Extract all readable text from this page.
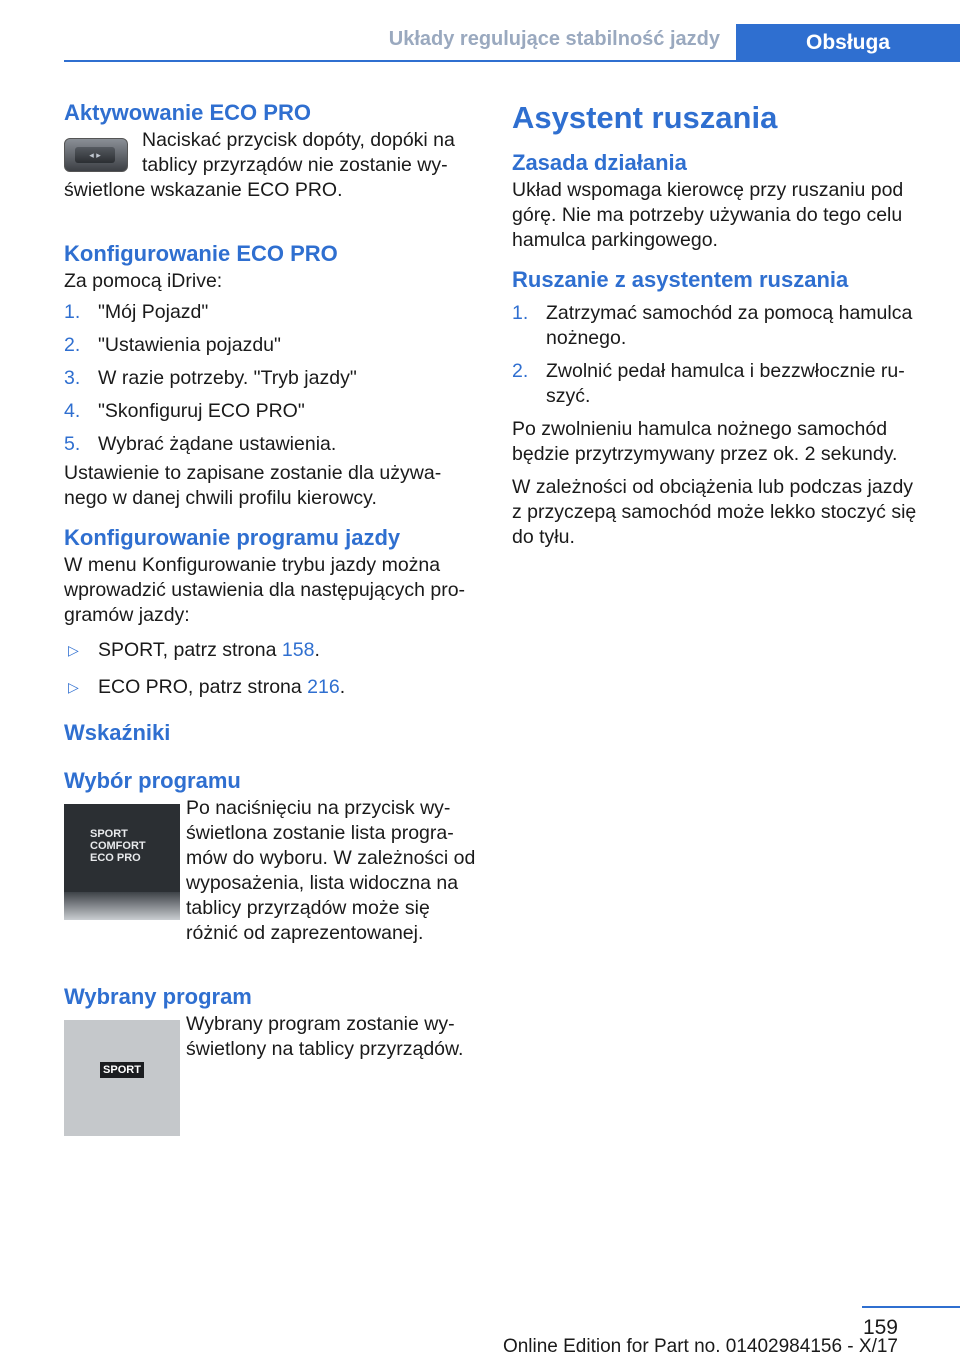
Układy regulujące stabilność jazdy	Obsługa
Aktywowanie ECO PRO
◂ ▸

Naciskać przycisk dopóty, dopóki na tablicy przyrządów nie zostanie wy‐świetlone wskazanie ECO PRO.

Konfigurowanie ECO PRO

Za pomocą iDrive:

1. "Mój Pojazd"
2. "Ustawienia pojazdu"
3. W razie potrzeby. "Tryb jazdy"
4. "Skonfiguruj ECO PRO"
5. Wybrać żądane ustawienia.

Ustawienie to zapisane zostanie dla używa‐nego w danej chwili profilu kierowcy.

Konfigurowanie programu jazdy

W menu Konfigurowanie trybu jazdy można wprowadzić ustawienia dla następujących pro‐gramów jazdy:

▷ SPORT, patrz strona 158.
▷ ECO PRO, patrz strona 216.
Wskaźniki
Wybór programu
SPORT
COMFORT
ECO PRO

Po naciśnięciu na przycisk wy‐świetlona zostanie lista progra‐mów do wyboru. W zależności od wyposażenia, lista widoczna na tablicy przyrządów może się różnić od zaprezentowanej.

Wybrany program
SPORT

Wybrany program zostanie wy‐świetlony na tablicy przyrządów.

Asystent ruszania
Zasada działania

Układ wspomaga kierowcę przy ruszaniu pod górę. Nie ma potrzeby używania do tego celu hamulca parkingowego.

Ruszanie z asystentem ruszania
1. Zatrzymać samochód za pomocą hamulca nożnego.
2. Zwolnić pedał hamulca i bezzwłocznie ru‐szyć.

Po zwolnieniu hamulca nożnego samochód będzie przytrzymywany przez ok. 2 sekundy.

W zależności od obciążenia lub podczas jazdy z przyczepą samochód może lekko stoczyć się do tyłu.

159
Online Edition for Part no. 01402984156 - X/17
